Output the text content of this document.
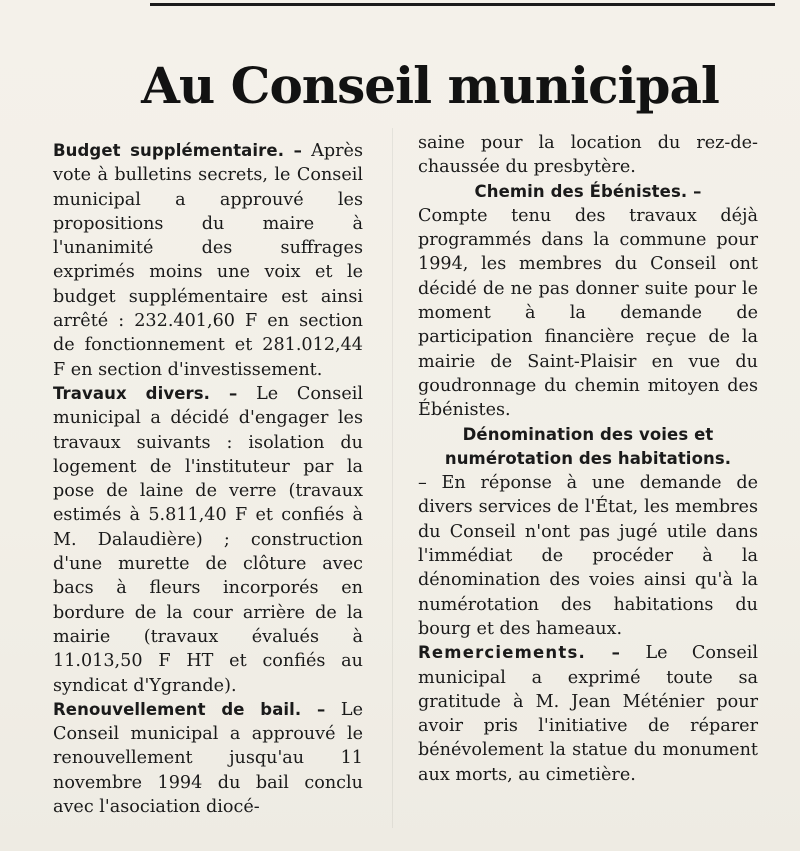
Au Conseil municipal

Budget supplémentaire. – Après vote à bulletins secrets, le Conseil municipal a approuvé les propositions du maire à l'unanimité des suffrages exprimés moins une voix et le budget supplémentaire est ainsi arrêté : 232.401,60 F en section de fonctionnement et 281.012,44 F en section d'investissement.

Travaux divers. – Le Conseil municipal a décidé d'engager les travaux suivants : isolation du logement de l'instituteur par la pose de laine de verre (travaux estimés à 5.811,40 F et confiés à M. Dalaudière) ; construction d'une murette de clôture avec bacs à fleurs incorporés en bordure de la cour arrière de la mairie (travaux évalués à 11.013,50 F HT et confiés au syndicat d'Ygrande).

Renouvellement de bail. – Le Conseil municipal a approuvé le renouvellement jusqu'au 11 novembre 1994 du bail conclu avec l'asociation diocé-

saine pour la location du rez-de-chaussée du presbytère.

Chemin des Ébénistes. –
Compte tenu des travaux déjà programmés dans la commune pour 1994, les membres du Conseil ont décidé de ne pas donner suite pour le moment à la demande de participation financière reçue de la mairie de Saint-Plaisir en vue du goudronnage du chemin mitoyen des Ébénistes.

Dénomination des voies et numérotation des habitations.
– En réponse à une demande de divers services de l'État, les membres du Conseil n'ont pas jugé utile dans l'immédiat de procéder à la dénomination des voies ainsi qu'à la numérotation des habitations du bourg et des hameaux.

Remerciements. – Le Conseil municipal a exprimé toute sa gratitude à M. Jean Méténier pour avoir pris l'initiative de réparer bénévolement la statue du monument aux morts, au cimetière.
